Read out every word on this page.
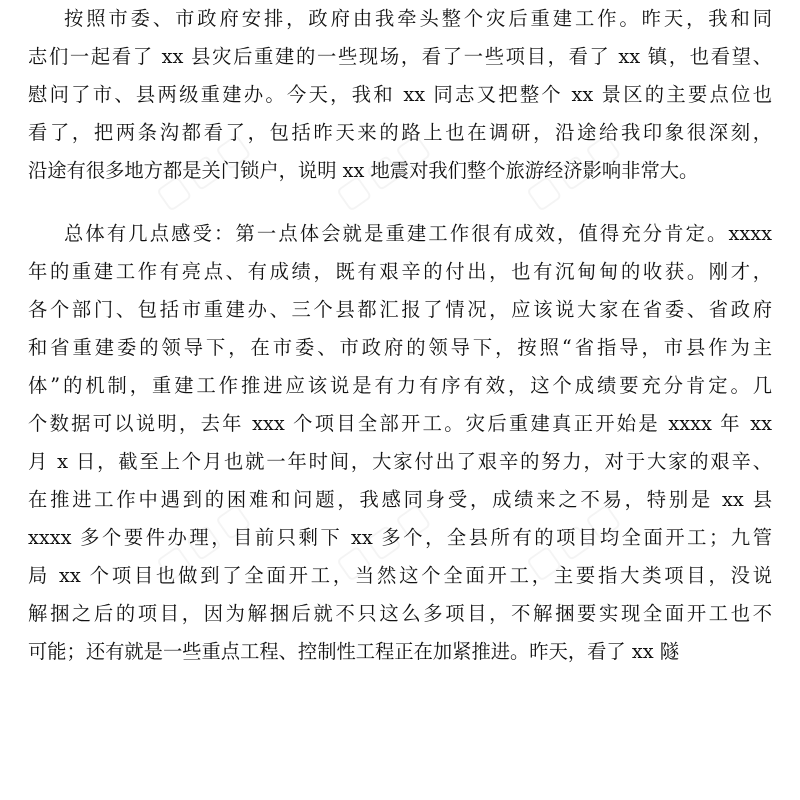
▢▢▢ ▢▢▢ ▢▢▢
▢▢▢ ▢▢▢ ▢▢▢
按照市委、市政府安排，政府由我牵头整个灾后重建工作。昨天，我和同
志们一起看了 xx 县灾后重建的一些现场，看了一些项目，看了 xx 镇，也看望、
慰问了市、县两级重建办。今天，我和 xx 同志又把整个 xx 景区的主要点位也
看了，把两条沟都看了，包括昨天来的路上也在调研，沿途给我印象很深刻，
沿途有很多地方都是关门锁户，说明 xx 地震对我们整个旅游经济影响非常大。
总体有几点感受：第一点体会就是重建工作很有成效，值得充分肯定。xxxx
年的重建工作有亮点、有成绩，既有艰辛的付出，也有沉甸甸的收获。刚才，
各个部门、包括市重建办、三个县都汇报了情况，应该说大家在省委、省政府
和省重建委的领导下，在市委、市政府的领导下，按照“省指导，市县作为主
体”的机制，重建工作推进应该说是有力有序有效，这个成绩要充分肯定。几
个数据可以说明，去年 xxx 个项目全部开工。灾后重建真正开始是 xxxx 年 xx
月 x 日，截至上个月也就一年时间，大家付出了艰辛的努力，对于大家的艰辛、
在推进工作中遇到的困难和问题，我感同身受，成绩来之不易，特别是 xx 县
xxxx 多个要件办理，目前只剩下 xx 多个，全县所有的项目均全面开工；九管
局 xx 个项目也做到了全面开工，当然这个全面开工，主要指大类项目，没说
解捆之后的项目，因为解捆后就不只这么多项目，不解捆要实现全面开工也不
可能；还有就是一些重点工程、控制性工程正在加紧推进。昨天，看了 xx 隧
